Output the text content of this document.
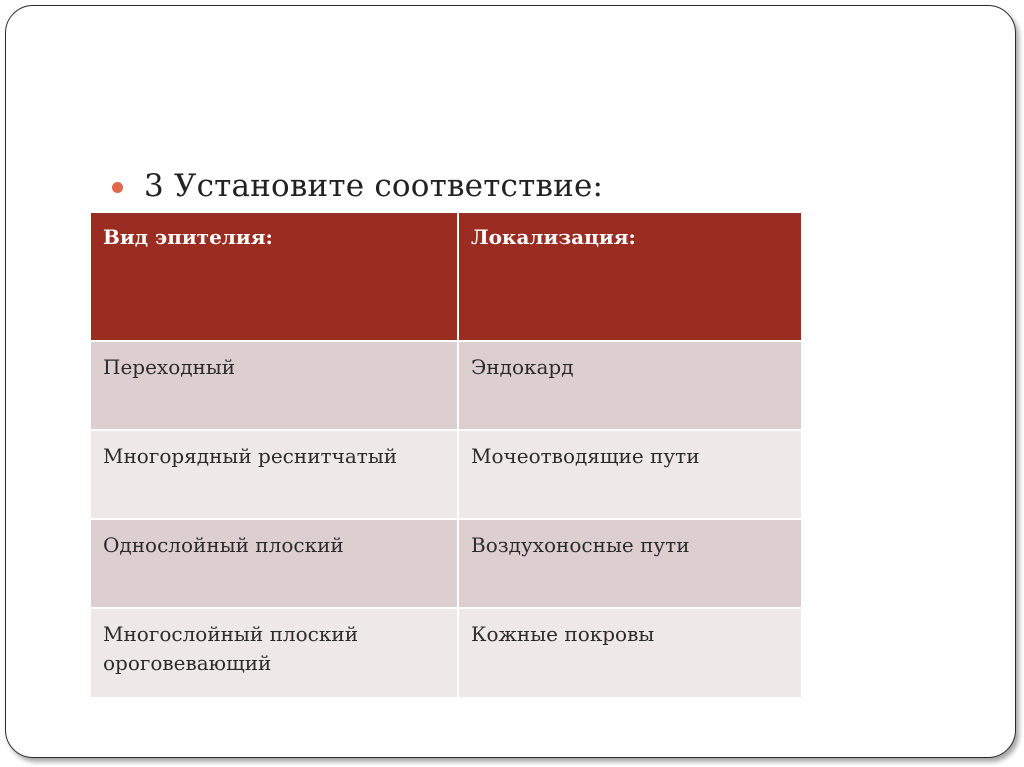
3 Установите соответствие:
Вид эпителия:	Локализация:
Переходный	Эндокард
Многорядный реснитчатый	Мочеотводящие пути
Однослойный плоский	Воздухоносные пути
Многослойный плоский ороговевающий	Кожные покровы
